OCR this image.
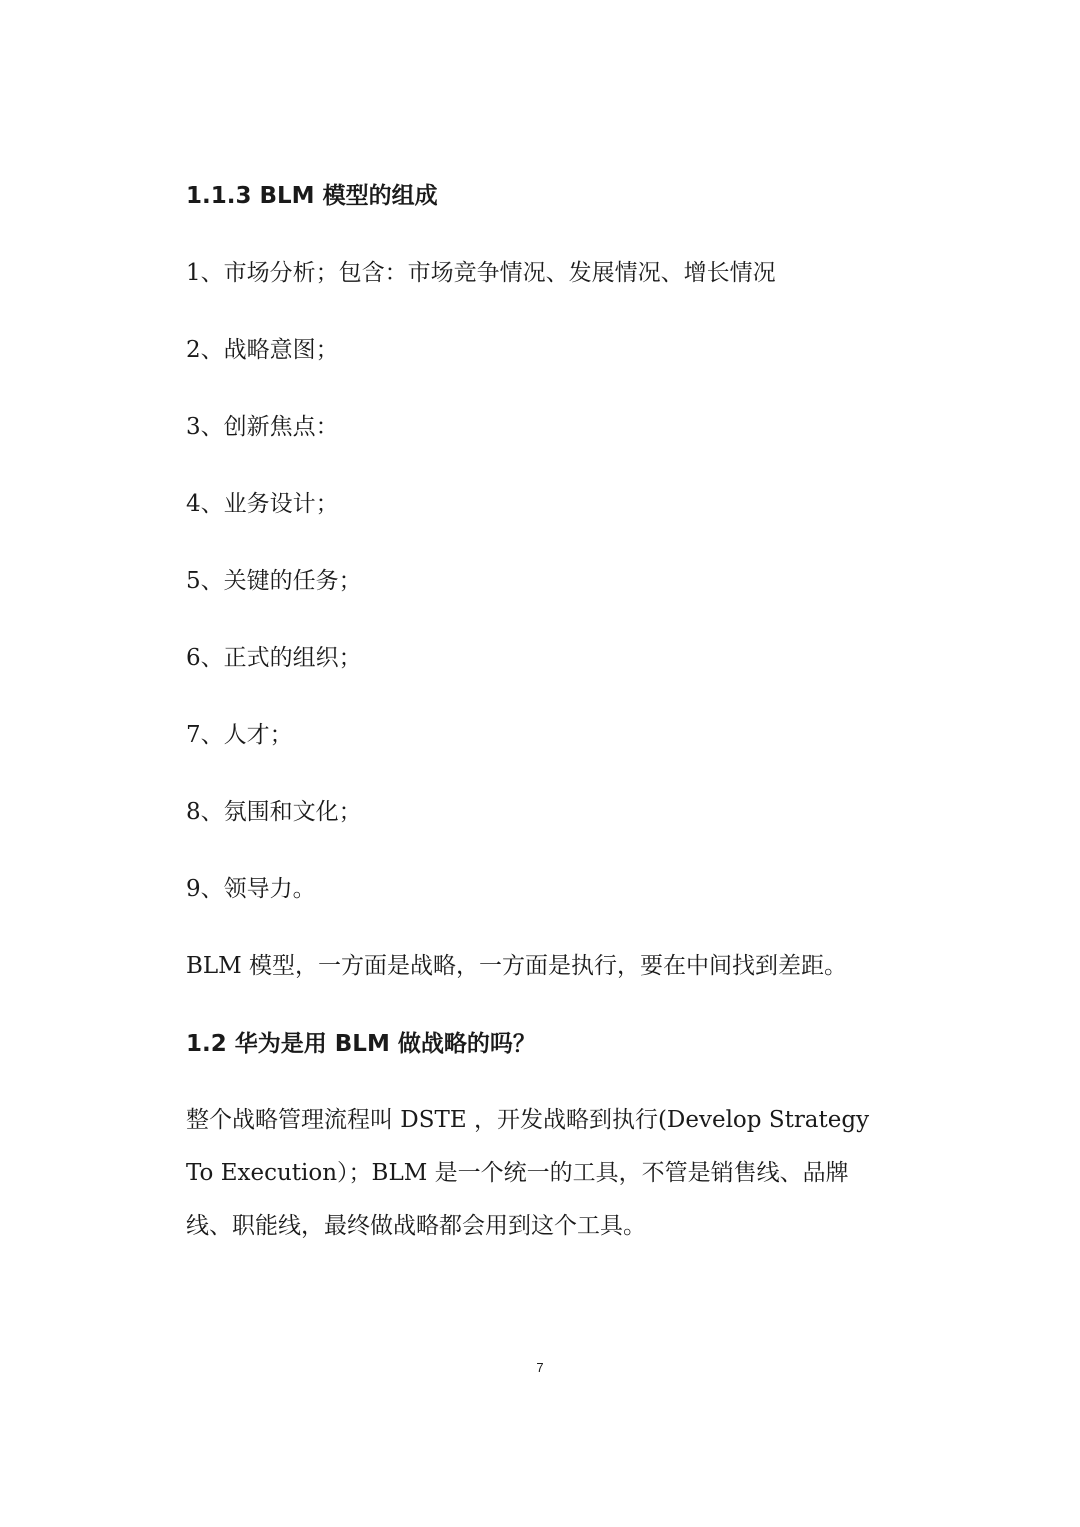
1.1.3 BLM 模型的组成
1、市场分析；包含：市场竞争情况、发展情况、增长情况
2、战略意图；
3、创新焦点：
4、业务设计；
5、关键的任务；
6、正式的组织；
7、人才；
8、氛围和文化；
9、领导力。
BLM 模型，一方面是战略，一方面是执行，要在中间找到差距。
1.2 华为是用 BLM 做战略的吗？
整个战略管理流程叫 DSTE ，开发战略到执行(Develop Strategy
To Execution）；BLM 是一个统一的工具，不管是销售线、品牌
线、职能线，最终做战略都会用到这个工具。
7
